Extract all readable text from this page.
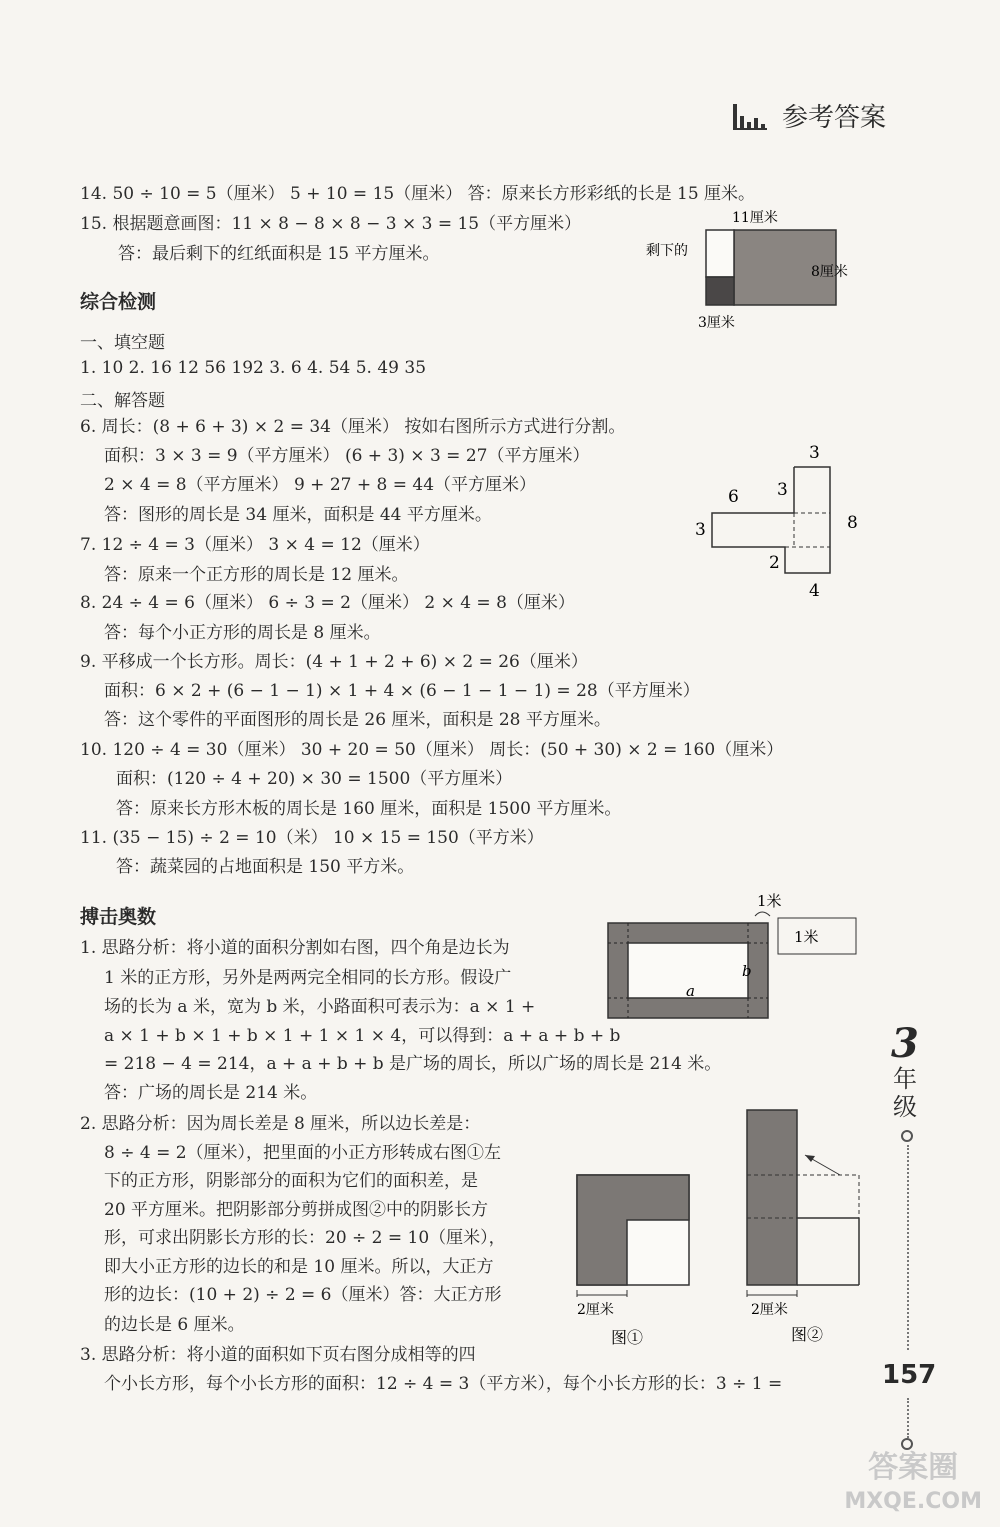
参考答案
14. 50 ÷ 10 = 5（厘米） 5 + 10 = 15（厘米） 答：原来长方形彩纸的长是 15 厘米。
15. 根据题意画图：11 × 8 − 8 × 8 − 3 × 3 = 15（平方厘米）
答：最后剩下的红纸面积是 15 平方厘米。
11厘米
剩下的
8厘米
3厘米
综合检测
一、填空题
1. 10 2. 16 12 56 192 3. 6 4. 54 5. 49 35
二、解答题
6. 周长：(8 + 6 + 3) × 2 = 34（厘米） 按如右图所示方式进行分割。
面积：3 × 3 = 9（平方厘米） (6 + 3) × 3 = 27（平方厘米）
2 × 4 = 8（平方厘米） 9 + 27 + 8 = 44（平方厘米）
答：图形的周长是 34 厘米，面积是 44 平方厘米。
7. 12 ÷ 4 = 3（厘米） 3 × 4 = 12（厘米）
答：原来一个正方形的周长是 12 厘米。
8. 24 ÷ 4 = 6（厘米） 6 ÷ 3 = 2（厘米） 2 × 4 = 8（厘米）
答：每个小正方形的周长是 8 厘米。
9. 平移成一个长方形。周长：(4 + 1 + 2 + 6) × 2 = 26（厘米）
面积：6 × 2 + (6 − 1 − 1) × 1 + 4 × (6 − 1 − 1 − 1) = 28（平方厘米）
答：这个零件的平面图形的周长是 26 厘米，面积是 28 平方厘米。
10. 120 ÷ 4 = 30（厘米） 30 + 20 = 50（厘米） 周长：(50 + 30) × 2 = 160（厘米）
面积：(120 ÷ 4 + 20) × 30 = 1500（平方厘米）
答：原来长方形木板的周长是 160 厘米，面积是 1500 平方厘米。
11. (35 − 15) ÷ 2 = 10（米） 10 × 15 = 150（平方米）
答：蔬菜园的占地面积是 150 平方米。
3
6 3
3	8
2
4
搏击奥数
1. 思路分析：将小道的面积分割如右图，四个角是边长为
1 米的正方形，另外是两两完全相同的长方形。假设广
场的长为 a 米，宽为 b 米，小路面积可表示为：a × 1 +
a × 1 + b × 1 + b × 1 + 1 × 1 × 4，可以得到：a + a + b + b
= 218 − 4 = 214，a + a + b + b 是广场的周长，所以广场的周长是 214 米。
答：广场的周长是 214 米。
2. 思路分析：因为周长差是 8 厘米，所以边长差是：
8 ÷ 4 = 2（厘米），把里面的小正方形转成右图①左
下的正方形，阴影部分的面积为它们的面积差，是
20 平方厘米。把阴影部分剪拼成图②中的阴影长方
形，可求出阴影长方形的长：20 ÷ 2 = 10（厘米），
即大小正方形的边长的和是 10 厘米。所以，大正方
形的边长：(10 + 2) ÷ 2 = 6（厘米）答：大正方形
的边长是 6 厘米。
3. 思路分析：将小道的面积如下页右图分成相等的四
个小长方形，每个小长方形的面积：12 ÷ 4 = 3（平方米），每个小长方形的长：3 ÷ 1 =
1米
1米
a
b
2厘米
图①
2厘米
图②
3
年级
157
答案圈
MXQE.COM
